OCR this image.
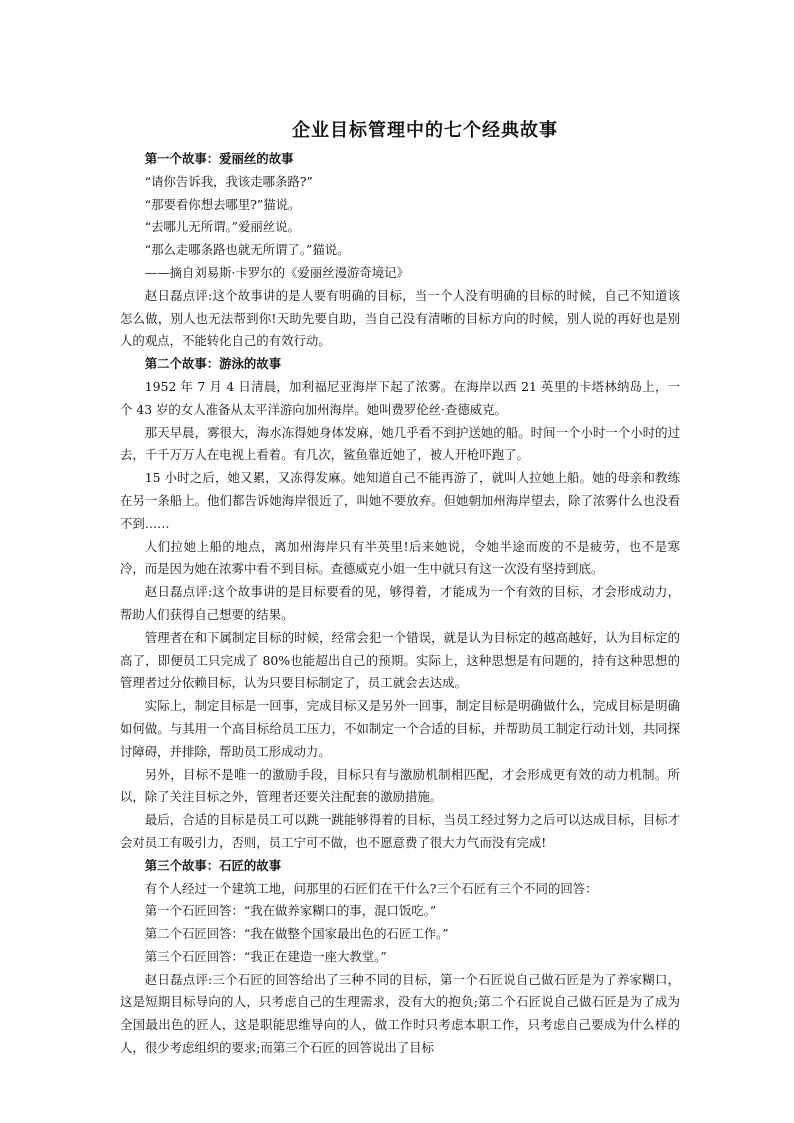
企业目标管理中的七个经典故事

第一个故事：爱丽丝的故事

“请你告诉我，我该走哪条路?”

“那要看你想去哪里?”猫说。

“去哪儿无所谓。”爱丽丝说。

“那么走哪条路也就无所谓了。”猫说。

——摘自刘易斯·卡罗尔的《爱丽丝漫游奇境记》

赵日磊点评:这个故事讲的是人要有明确的目标，当一个人没有明确的目标的时候，自己不知道该怎么做，别人也无法帮到你!天助先要自助，当自己没有清晰的目标方向的时候，别人说的再好也是别人的观点，不能转化自己的有效行动。

第二个故事：游泳的故事

1952 年 7 月 4 日清晨，加利福尼亚海岸下起了浓雾。在海岸以西 21 英里的卡塔林纳岛上，一个 43 岁的女人准备从太平洋游向加州海岸。她叫费罗伦丝·查德威克。

那天早晨，雾很大，海水冻得她身体发麻，她几乎看不到护送她的船。时间一个小时一个小时的过去，千千万万人在电视上看着。有几次，鲨鱼靠近她了，被人开枪吓跑了。

15 小时之后，她又累，又冻得发麻。她知道自己不能再游了，就叫人拉她上船。她的母亲和教练在另一条船上。他们都告诉她海岸很近了，叫她不要放弃。但她朝加州海岸望去，除了浓雾什么也没看不到……

人们拉她上船的地点，离加州海岸只有半英里!后来她说，令她半途而废的不是疲劳，也不是寒冷，而是因为她在浓雾中看不到目标。查德威克小姐一生中就只有这一次没有坚持到底。

赵日磊点评:这个故事讲的是目标要看的见，够得着，才能成为一个有效的目标，才会形成动力，帮助人们获得自己想要的结果。

管理者在和下属制定目标的时候，经常会犯一个错误，就是认为目标定的越高越好，认为目标定的高了，即便员工只完成了 80%也能超出自己的预期。实际上，这种思想是有问题的，持有这种思想的管理者过分依赖目标，认为只要目标制定了，员工就会去达成。

实际上，制定目标是一回事，完成目标又是另外一回事，制定目标是明确做什么，完成目标是明确如何做。与其用一个高目标给员工压力，不如制定一个合适的目标，并帮助员工制定行动计划，共同探讨障碍，并排除，帮助员工形成动力。

另外，目标不是唯一的激励手段，目标只有与激励机制相匹配，才会形成更有效的动力机制。所以，除了关注目标之外，管理者还要关注配套的激励措施。

最后，合适的目标是员工可以跳一跳能够得着的目标，当员工经过努力之后可以达成目标，目标才会对员工有吸引力，否则，员工宁可不做，也不愿意费了很大力气而没有完成!

第三个故事：石匠的故事

有个人经过一个建筑工地，问那里的石匠们在干什么?三个石匠有三个不同的回答：

第一个石匠回答：“我在做养家糊口的事，混口饭吃。”

第二个石匠回答：“我在做整个国家最出色的石匠工作。”

第三个石匠回答：“我正在建造一座大教堂。”

赵日磊点评:三个石匠的回答给出了三种不同的目标，第一个石匠说自己做石匠是为了养家糊口，这是短期目标导向的人，只考虑自己的生理需求，没有大的抱负;第二个石匠说自己做石匠是为了成为全国最出色的匠人，这是职能思维导向的人，做工作时只考虑本职工作，只考虑自己要成为什么样的人，很少考虑组织的要求;而第三个石匠的回答说出了目标
